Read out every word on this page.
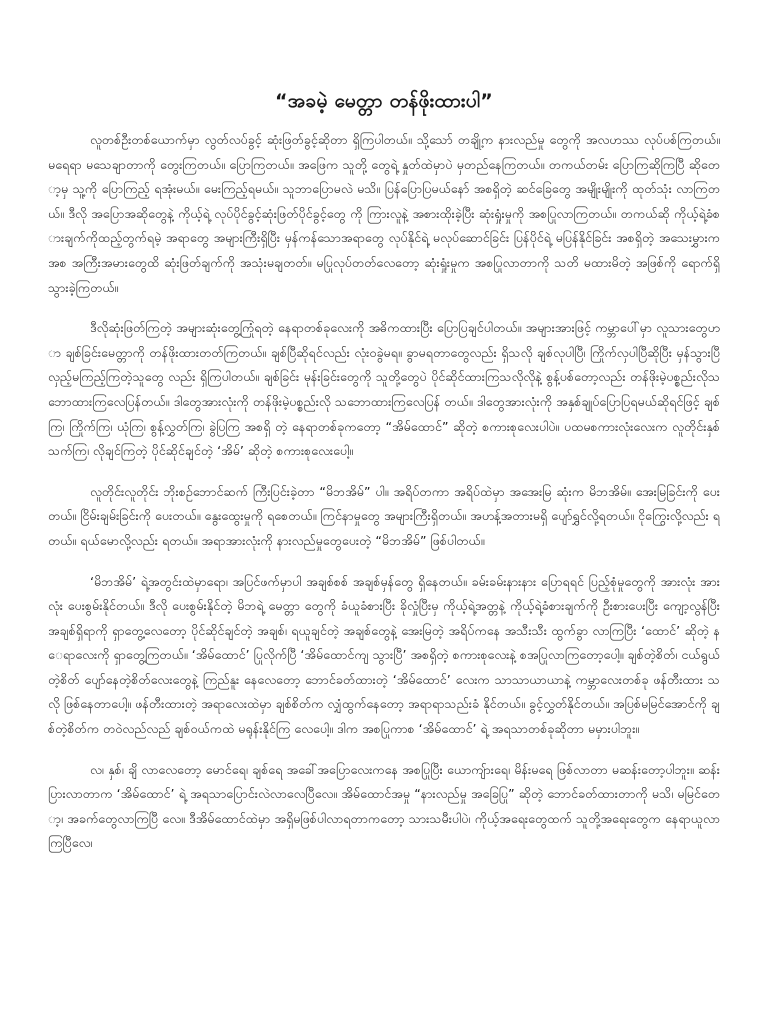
“အခမဲ့ မေတ္တာ တန်ဖိုးထားပါ”

လူတစ်ဦးတစ်ယောက်မှာ လွတ်လပ်ခွင့် ဆုံးဖြတ်ခွင့်ဆိုတာ ရှိကြပါတယ်။ သို့သော် တချို့က နားလည်မှု တွေကို အလဟဿ လုပ်ပစ်ကြတယ်။ မရေရာ မသေချာတာကို တွေးကြတယ်။ ပြောကြတယ်။ အဖြေက သူတို့ တွေရဲ့ နှုတ်ထဲမှာပဲ မှတည်နေကြတယ်။ တကယ်တမ်း ပြောကြဆိုကြပြီ ဆိုတော့မှ သူ့ကို ပြောကြည့် ရအုံးမယ်။ မေးကြည့်ရမယ်။ သူဘာပြောမလဲ မသိ။ ပြန်ပြောပြမယ်နော် အစရှိတဲ့ ဆင်ခြေတွေ အမျိုးမျိုးကို ထုတ်သုံး လာကြတယ်။ ဒီလို အပြောအဆိုတွေနဲ့ ကိုယ့်ရဲ့ လုပ်ပိုင်ခွင့်ဆုံးဖြတ်ပိုင်ခွင့်တွေ ကို ကြားလူနဲ့ အစားထိုးခဲ့ပြီး ဆုံးရှုံးမှုကို အစပြုလာကြတယ်။ တကယ်ဆို ကိုယ့်ရဲ့ခံစားချက်ကိုထည့်တွက်ရမဲ့ အရာတွေ အများကြီးရှိပြီး မှန်ကန်သောအရာတွေ လုပ်နိုင်ရဲ့ မလုပ်ဆောင်ခြင်း ပြန်ပိုင်ရဲ့ မပြန်နိုင်ခြင်း အစရှိတဲ့ အသေးမွှားက အစ အကြီးအမားတွေထိ ဆုံးဖြတ်ချက်ကို အသုံးမချတတ်။ မပြုလုပ်တတ်လေတော့ ဆုံးရှုံးမှုက အစပြုလာတာကို သတိ မထားမိတဲ့ အဖြစ်ကို ရောက်ရှိသွားခဲ့ကြတယ်။

ဒီလိုဆုံးဖြတ်ကြတဲ့ အများဆုံးတွေ့ကြုံရတဲ့ နေရာတစ်ခုလေးကို အဓိကထားပြီး ပြောပြချင်ပါတယ်။ အများအားဖြင့် ကမ္ဘာပေါ်မှာ လူသားတွေဟာ ချစ်ခြင်းမေတ္တာကို တန်ဖိုးထားတတ်ကြတယ်။ ချစ်ပြီဆိုရင်လည်း လုံးဝခွဲမရ။ ခွာမရတာတွေလည်း ရှိသလို ချစ်လုပါပြီ၊ ကြိုက်လှပါပြီဆိုပြီး မှန်သွားပြီ လှည့်မကြည့်ကြတဲ့သူတွေ လည်း ရှိကြပါတယ်။ ချစ်ခြင်း မုန်းခြင်းတွေကို သူတို့တွေပဲ ပိုင်ဆိုင်ထားကြသလိုလိုနဲ့ စွန့်ပစ်တော့လည်း တန်ဖိုးမဲ့ပစ္စည်းလိုသဘောထားကြလေပြန်တယ်။ ဒါတွေအားလုံးကို တန်ဖိုးမဲ့ပစ္စည်းလို သဘောထားကြလေပြန် တယ်။ ဒါတွေအားလုံးကို အနှစ်ချုပ်ပြောပြရမယ်ဆိုရင်ဖြင့် ချစ်ကြ၊ ကြိုက်ကြ၊ ယုံကြ၊ စွန့်လွှတ်ကြ၊ ခွဲပြကြ အစရှိ တဲ့ နေရာတစ်ခုကတော့ “အိမ်ထောင်” ဆိုတဲ့ စကားစုလေးပါပဲ။ ပထမစကားလုံးလေးက လူတိုင်းနှစ်သက်ကြ၊ လိုချင်ကြတဲ့ ပိုင်ဆိုင်ချင်တဲ့ ‘အိမ်’ ဆိုတဲ့ စကားစုလေးပေါ့။

လူတိုင်းလူတိုင်း ဘိုးစဉ်ဘောင်ဆက် ကြီးပြင်းခဲ့တာ “မိဘအိမ်” ပါ။ အရိပ်တကာ အရိပ်ထဲမှာ အအေးမြ ဆုံးက မိဘအိမ်။ အေးမြခြင်းကို ပေးတယ်။ ငြိမ်းချမ်းခြင်းကို ပေးတယ်။ နွေးထွေးမှုကို ရစေတယ်။ ကြင်နာမှုတွေ အများကြီးရှိတယ်။ အဟန့်အတားမရှိ ပျော်ရွှင်လို့ရတယ်။ ငိုကြွေးလို့လည်း ရတယ်။ ရယ်မောလို့လည်း ရတယ်။ အရာအားလုံးကို နားလည်မှုတွေပေးတဲ့ “မိဘအိမ်” ဖြစ်ပါတယ်။

‘မိဘအိမ်’ ရဲ့အတွင်းထဲမှာရော၊ အပြင်ဖက်မှာပါ အချစ်စစ် အချစ်မှန်တွေ ရှိနေတယ်။ ခမ်းခမ်းနားနား ပြောရရင် ပြည့်စုံမှုတွေကို အားလုံး အားလုံး ပေးစွမ်းနိုင်တယ်။ ဒီလို ပေးစွမ်းနိုင်တဲ့ မိဘရဲ့ မေတ္တာ တွေကို ခံယူခံစားပြီး ခိုလှုံပြီးမှ ကိုယ့်ရဲ့အတ္တနဲ့ ကိုယ့်ရဲ့ခံစားချက်ကို ဦးစားပေးပြီး ကျော့လွန်ပြီး အချစ်ရှိရာကို ရှာတွေ့လေတော့ ပိုင်ဆိုင်ချင်တဲ့ အချစ်၊ ရယူချင်တဲ့ အချစ်တွေနဲ့ အေးမြတဲ့ အရိပ်ကနေ အသီးသီး ထွက်ခွာ လာကြပြီး ‘ထောင်’ ဆိုတဲ့ နေရာလေးကို ရှာတွေ့ကြတယ်။ ‘အိမ်ထောင်’ ပြုလိုက်ပြီ ‘အိမ်ထောင်ကျ သွားပြီ’ အစရှိတဲ့ စကားစုလေးနဲ့ စအပြုလာကြတော့ပေါ့။ ချစ်တဲ့စိတ်၊ ငယ်ရွယ်တဲ့စိတ် ပျော်နေတဲ့စိတ်လေးတွေနဲ့ ကြည်နူး နေလေတော့ ဘောင်ခတ်ထားတဲ့ ‘အိမ်ထောင်’ လေးက သာသာယာယာနဲ့ ကမ္ဘာလေးတစ်ခု ဖန်တီးထား သလို ဖြစ်နေတာပေါ့။ ဖန်တီးထားတဲ့ အရာလေးထဲမှာ ချစ်စိတ်က လျှံထွက်နေတော့ အရာရာသည်းခံ နိုင်တယ်။ ခွင့်လွှတ်နိုင်တယ်။ အပြစ်မမြင်အောင်ကို ချစ်တဲ့စိတ်က တဝဲလည်လည် ချစ်ဝယ်ကထဲ မရုန်းနိုင်ကြ လေပေါ့။ ဒါက အစပြုကာစ ‘အိမ်ထောင်’ ရဲ့ အရသာတစ်ခုဆိုတာ မမှားပါဘူး။

လ၊ နှစ်၊ ချိ လာလေတော့ မောင်ရေ၊ ချစ်ရေ အခေါ်အပြောလေးကနေ အစပြုပြီး ယောကျ်ားရေ၊ မိန်းမရေ ဖြစ်လာတာ မဆန်းတော့ပါဘူး။ ဆန်းပြားလာတာက ‘အိမ်ထောင်’ ရဲ့ အရသာပြောင်းလဲလာလေပြီလေ။ အိမ်ထောင်အမှု “နားလည်မှု အခြေပြု” ဆိုတဲ့ ဘောင်ခတ်ထားတာကို မသိ၊ မမြင်တော့၊ အခက်တွေလာကြပြီ လေ။ ဒီအိမ်ထောင်ထဲမှာ အရှိမဖြစ်ပါလာရတာကတော့ သားသမီးပါပဲ၊ ကိုယ့်အရေးတွေထက် သူတို့အရေးတွေက နေရာယူလာကြပြီလေ၊
